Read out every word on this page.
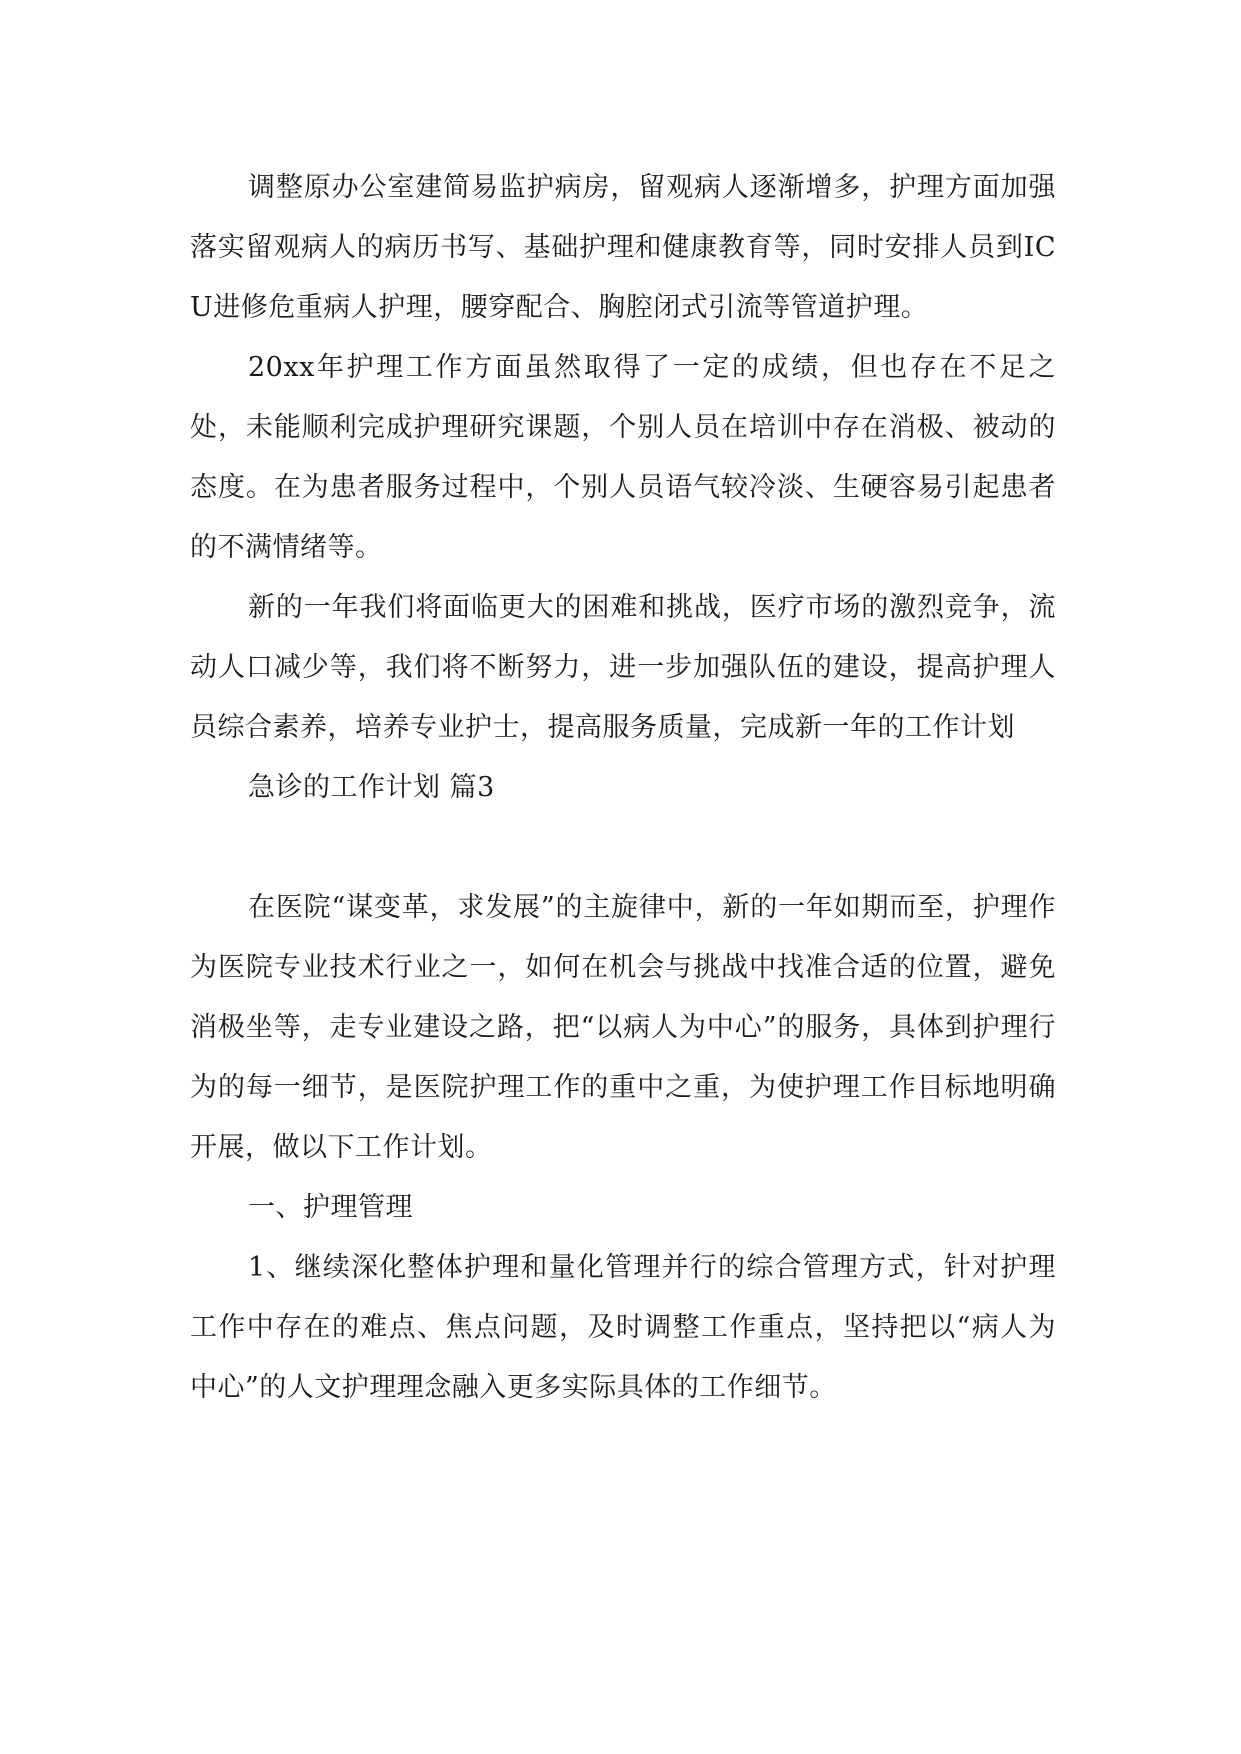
调整原办公室建简易监护病房，留观病人逐渐增多，护理方面加强落实留观病人的病历书写、基础护理和健康教育等，同时安排人员到ICU进修危重病人护理，腰穿配合、胸腔闭式引流等管道护理。

20xx年护理工作方面虽然取得了一定的成绩，但也存在不足之处，未能顺利完成护理研究课题，个别人员在培训中存在消极、被动的态度。在为患者服务过程中，个别人员语气较冷淡、生硬容易引起患者的不满情绪等。

新的一年我们将面临更大的困难和挑战，医疗市场的激烈竞争，流动人口减少等，我们将不断努力，进一步加强队伍的建设，提高护理人员综合素养，培养专业护士，提高服务质量，完成新一年的工作计划

急诊的工作计划 篇3

在医院“谋变革，求发展”的主旋律中，新的一年如期而至，护理作为医院专业技术行业之一，如何在机会与挑战中找准合适的位置，避免消极坐等，走专业建设之路，把“以病人为中心”的服务，具体到护理行为的每一细节，是医院护理工作的重中之重，为使护理工作目标地明确开展，做以下工作计划。

一、护理管理

1、继续深化整体护理和量化管理并行的综合管理方式，针对护理工作中存在的难点、焦点问题，及时调整工作重点，坚持把以“病人为中心”的人文护理理念融入更多实际具体的工作细节。
